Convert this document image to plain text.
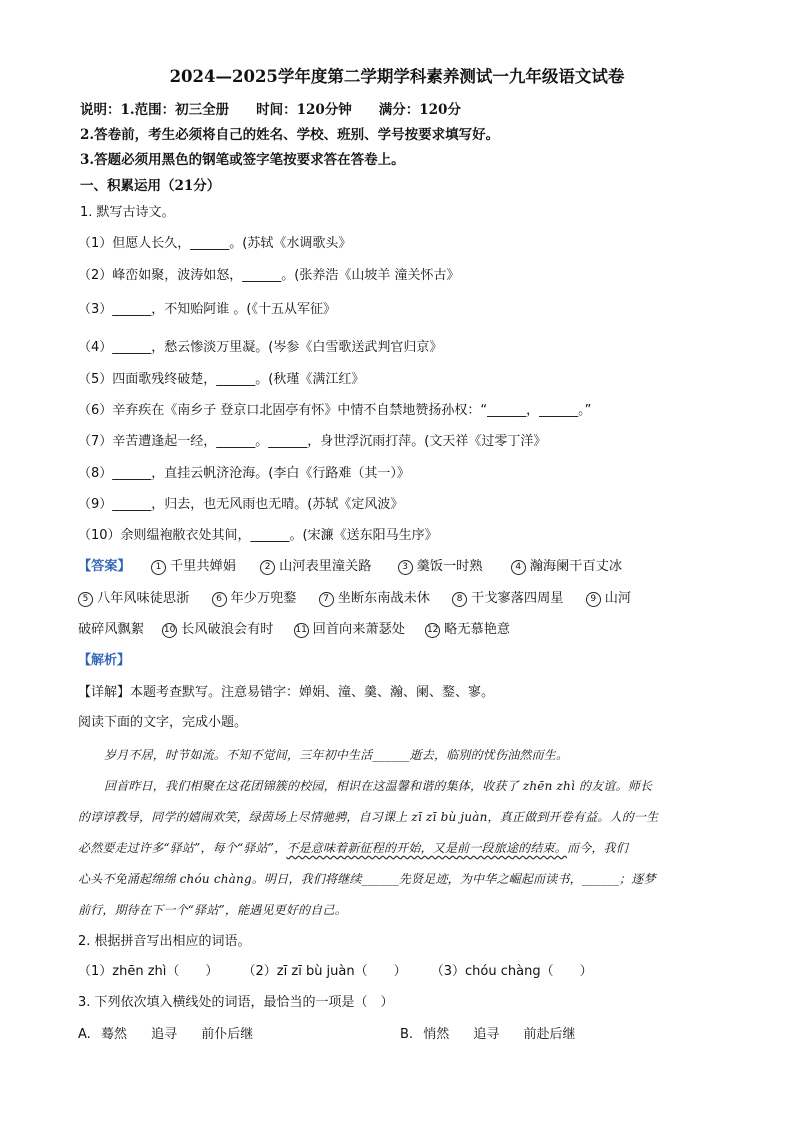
2024—2025学年度第二学期学科素养测试一九年级语文试卷
说明：1.范围：初三全册　　时间：120分钟　　满分：120分
2.答卷前，考生必须将自己的姓名、学校、班别、学号按要求填写好。
3.答题必须用黑色的钢笔或签字笔按要求答在答卷上。
一、积累运用（21分）
1. 默写古诗文。
（1）但愿人长久，______。(苏轼《水调歌头》
（2）峰峦如聚，波涛如怒，______。(张养浩《山坡羊 潼关怀古》
（3）______，不知贻阿谁 。(《十五从军征》
（4）______，愁云惨淡万里凝。(岑参《白雪歌送武判官归京》
（5）四面歌残终破楚，______。(秋瑾《满江红》
（6）辛弃疾在《南乡子 登京口北固亭有怀》中情不自禁地赞扬孙权：“______，______。”
（7）辛苦遭逢起一经，______。______，身世浮沉雨打萍。(文天祥《过零丁洋》
（8）______，直挂云帆济沧海。(李白《行路难（其一）》
（9）______，归去，也无风雨也无晴。(苏轼《定风波》
（10）余则缊袍敝衣处其间，______。(宋濂《送东阳马生序》
【答案】	1 千里共婵娟	2 山河表里潼关路	3 羹饭一时熟	4 瀚海阑干百丈冰
5 八年风味徒思浙	6 年少万兜鍪	7 坐断东南战未休	8 干戈寥落四周星	9 山河
破碎风飘絮 10 长风破浪会有时 11 回首向来萧瑟处 12 略无慕艳意
【解析】
【详解】本题考查默写。注意易错字：婵娟、潼、羹、瀚、阑、鍪、寥。
阅读下面的文字，完成小题。
岁月不居，时节如流。不知不觉间，三年初中生活______逝去，临别的忧伤油然而生。
回首昨日，我们相聚在这花团锦簇的校园，相识在这温馨和谐的集体，收获了 zhēn zhì 的友谊。师长
的谆谆教导，同学的嬉闹欢笑，绿茵场上尽情驰骋，自习课上 zī zī bù juàn，真正做到开卷有益。人的一生
必然要走过许多“驿站”，每个“驿站”，不是意味着新征程的开始，又是前一段旅途的结束。而今，我们
心头不免涌起绵绵 chóu chàng。明日，我们将继续______先贤足迹，为中华之崛起而读书，______；逐梦
前行，期待在下一个“驿站”，能遇见更好的自己。
2. 根据拼音写出相应的词语。
（1）zhēn zhì（　　） （2）zī zī bù juàn（　　） （3）chóu chàng（　　）
3. 下列依次填入横线处的词语，最恰当的一项是（　）
A. 蓦然 追寻 前仆后继	B. 悄然 追寻 前赴后继
